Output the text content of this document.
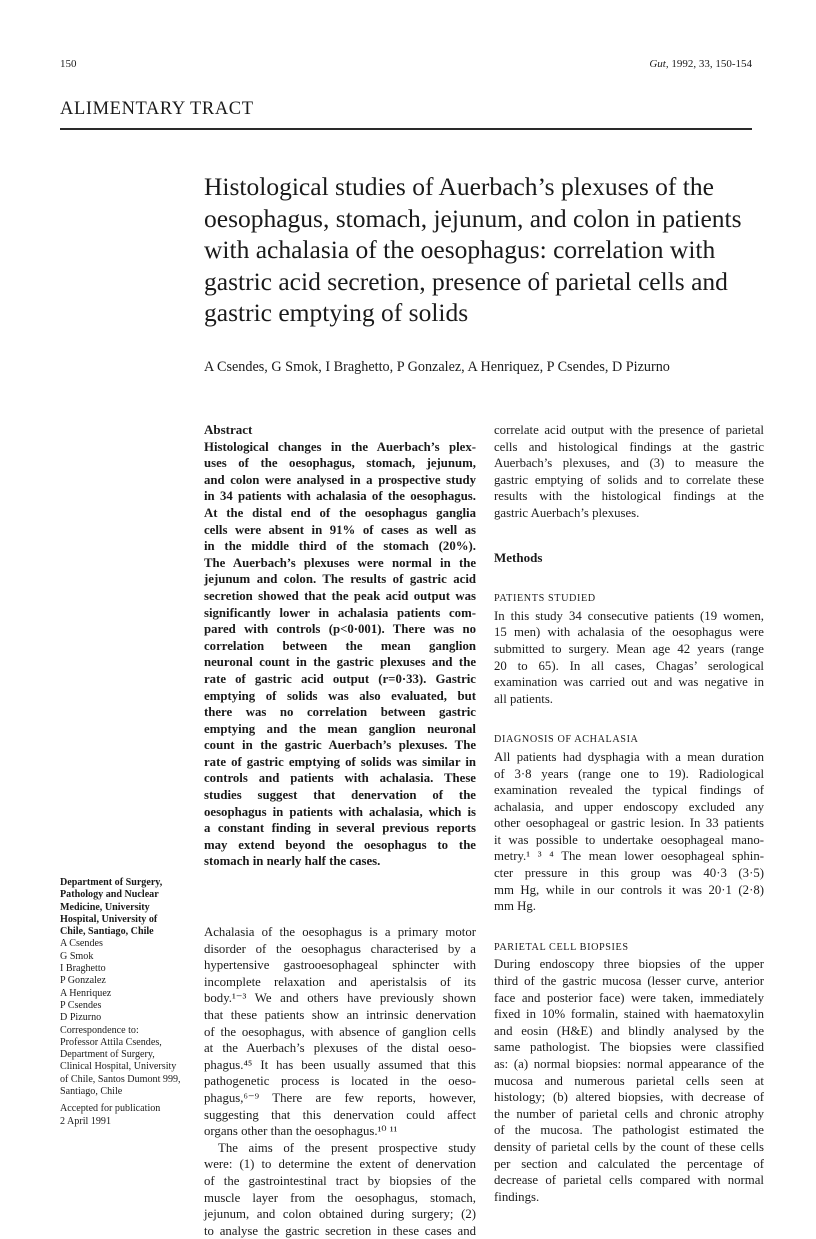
150	Gut, 1992, 33, 150-154
ALIMENTARY TRACT
Histological studies of Auerbach’s plexuses of the
oesophagus, stomach, jejunum, and colon in patients
with achalasia of the oesophagus: correlation with
gastric acid secretion, presence of parietal cells and
gastric emptying of solids

A Csendes, G Smok, I Braghetto, P Gonzalez, A Henriquez, P Csendes, D Pizurno

Abstract
Histological changes in the Auerbach’s plex-
uses of the oesophagus, stomach, jejunum,
and colon were analysed in a prospective study
in 34 patients with achalasia of the oesophagus.
At the distal end of the oesophagus ganglia
cells were absent in 91% of cases as well as
in the middle third of the stomach (20%).
The Auerbach’s plexuses were normal in the
jejunum and colon. The results of gastric acid
secretion showed that the peak acid output was
significantly lower in achalasia patients com-
pared with controls (p<0·001). There was no
correlation between the mean ganglion
neuronal count in the gastric plexuses and the
rate of gastric acid output (r=0·33). Gastric
emptying of solids was also evaluated, but
there was no correlation between gastric
emptying and the mean ganglion neuronal
count in the gastric Auerbach’s plexuses. The
rate of gastric emptying of solids was similar in
controls and patients with achalasia. These
studies suggest that denervation of the
oesophagus in patients with achalasia, which is
a constant finding in several previous reports
may extend beyond the oesophagus to the
stomach in nearly half the cases.
Achalasia of the oesophagus is a primary motor
disorder of the oesophagus characterised by a
hypertensive gastrooesophageal sphincter with
incomplete relaxation and aperistalsis of its
body.¹⁻³ We and others have previously shown
that these patients show an intrinsic denervation
of the oesophagus, with absence of ganglion cells
at the Auerbach’s plexuses of the distal oeso-
phagus.⁴⁵ It has been usually assumed that this
pathogenetic process is located in the oeso-
phagus,⁶⁻⁹ There are few reports, however,
suggesting that this denervation could affect
organs other than the oesophagus.¹⁰ ¹¹
The aims of the present prospective study
were: (1) to determine the extent of denervation
of the gastrointestinal tract by biopsies of the
muscle layer from the oesophagus, stomach,
jejunum, and colon obtained during surgery; (2)
to analyse the gastric secretion in these cases and
correlate acid output with the presence of parietal
cells and histological findings at the gastric
Auerbach’s plexuses, and (3) to measure the
gastric emptying of solids and to correlate these
results with the histological findings at the
gastric Auerbach’s plexuses.
Methods
PATIENTS STUDIED
In this study 34 consecutive patients (19 women,
15 men) with achalasia of the oesophagus were
submitted to surgery. Mean age 42 years (range
20 to 65). In all cases, Chagas’ serological
examination was carried out and was negative in
all patients.
DIAGNOSIS OF ACHALASIA
All patients had dysphagia with a mean duration
of 3·8 years (range one to 19). Radiological
examination revealed the typical findings of
achalasia, and upper endoscopy excluded any
other oesophageal or gastric lesion. In 33 patients
it was possible to undertake oesophageal mano-
metry.¹ ³ ⁴ The mean lower oesophageal sphin-
cter pressure in this group was 40·3 (3·5)
mm Hg, while in our controls it was 20·1 (2·8)
mm Hg.
PARIETAL CELL BIOPSIES
During endoscopy three biopsies of the upper
third of the gastric mucosa (lesser curve, anterior
face and posterior face) were taken, immediately
fixed in 10% formalin, stained with haematoxylin
and eosin (H&E) and blindly analysed by the
same pathologist. The biopsies were classified
as: (a) normal biopsies: normal appearance of the
mucosa and numerous parietal cells seen at
histology; (b) altered biopsies, with decrease of
the number of parietal cells and chronic atrophy
of the mucosa. The pathologist estimated the
density of parietal cells by the count of these cells
per section and calculated the percentage of
decrease of parietal cells compared with normal
findings.
Department of Surgery,
Pathology and Nuclear
Medicine, University
Hospital, University of
Chile, Santiago, Chile
A Csendes
G Smok
I Braghetto
P Gonzalez
A Henriquez
P Csendes
D Pizurno
Correspondence to:
Professor Attila Csendes,
Department of Surgery,
Clinical Hospital, University
of Chile, Santos Dumont 999,
Santiago, Chile
Accepted for publication
2 April 1991
